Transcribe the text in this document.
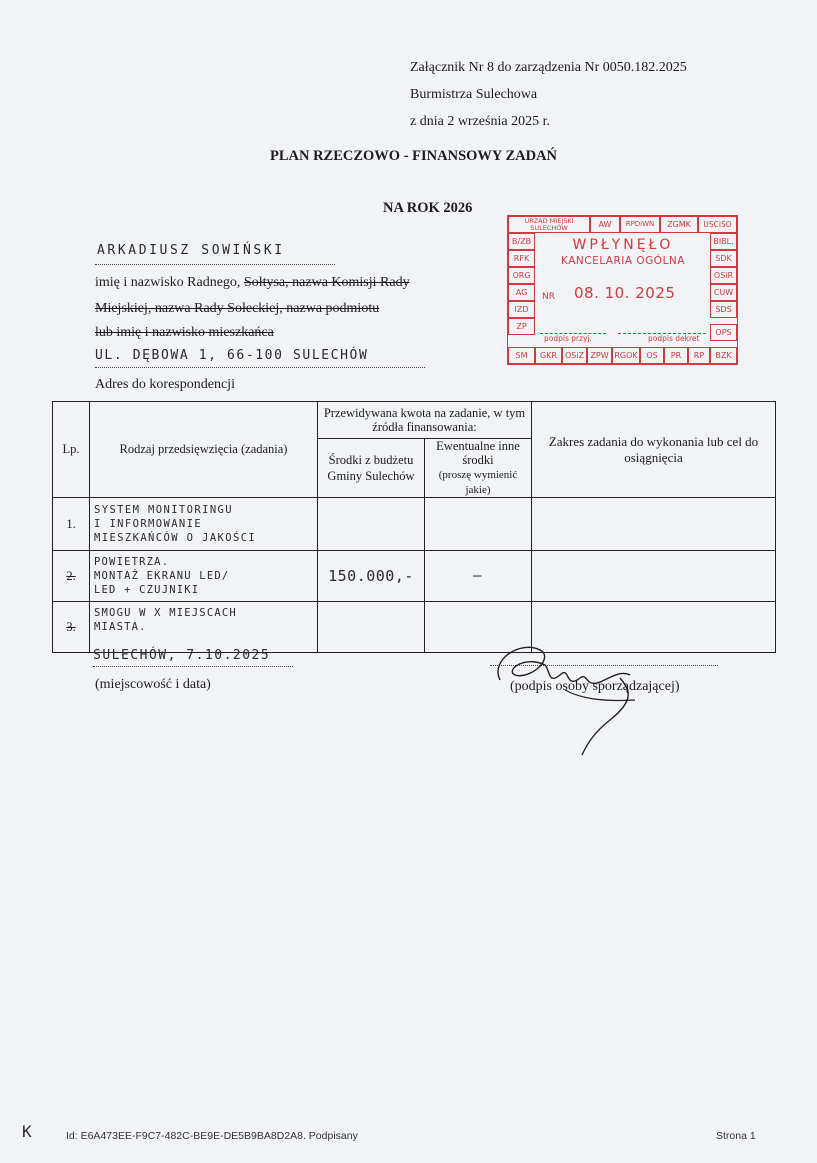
Załącznik Nr 8 do zarządzenia Nr 0050.182.2025
Burmistrza Sulechowa
z dnia 2 września 2025 r.
PLAN RZECZOWO - FINANSOWY ZADAŃ
NA ROK 2026
ARKADIUSZ SOWIŃSKI
imię i nazwisko Radnego, Sołtysa, nazwa Komisji Rady
Miejskiej, nazwa Rady Sołeckiej, nazwa podmiotu
lub imię i nazwisko mieszkańca
UL. DĘBOWA 1, 66-100 SULECHÓW
Adres do korespondencji
URZĄD MIEJSKI SULECHÓW	AW	RPDiWN	ZGMK	USCiSO
B/ZB
RFK
ORG
AG
IZD
ZP
SM
BIBL.
SDK
OSiR
CUW
SDS
OPS
BZK
GKR OSiZ ZPW RGOK	OS	PR	RP
WPŁYNĘŁO
KANCELARIA OGÓLNA
NR 08. 10. 2025
podpis przyj.	podpis dekret
Lp.	Rodzaj przedsięwzięcia (zadania)	Przewidywana kwota na zadanie, w tym źródła finansowania:		Zakres zadania do wykonania lub cel do osiągnięcia
		Środki z budżetu Gminy Sulechów	Ewentualne inne środki
(proszę wymienić jakie)	
1.	SYSTEM MONITORINGU
I INFORMOWANIE
MIESZKAŃCÓW O JAKOŚCI			

2.	POWIETRZA.
MONTAŻ EKRANU LED/
LED + CZUJNIKI	150.000,-	–	
3.	SMOGU W X MIEJSCACH
MIASTA.			

SULECHÓW, 7.10.2025
(miejscowość i data)	(podpis osoby sporządzającej)
K	Id: E6A473EE-F9C7-482C-BE9E-DE5B9BA8D2A8. Podpisany	Strona 1
